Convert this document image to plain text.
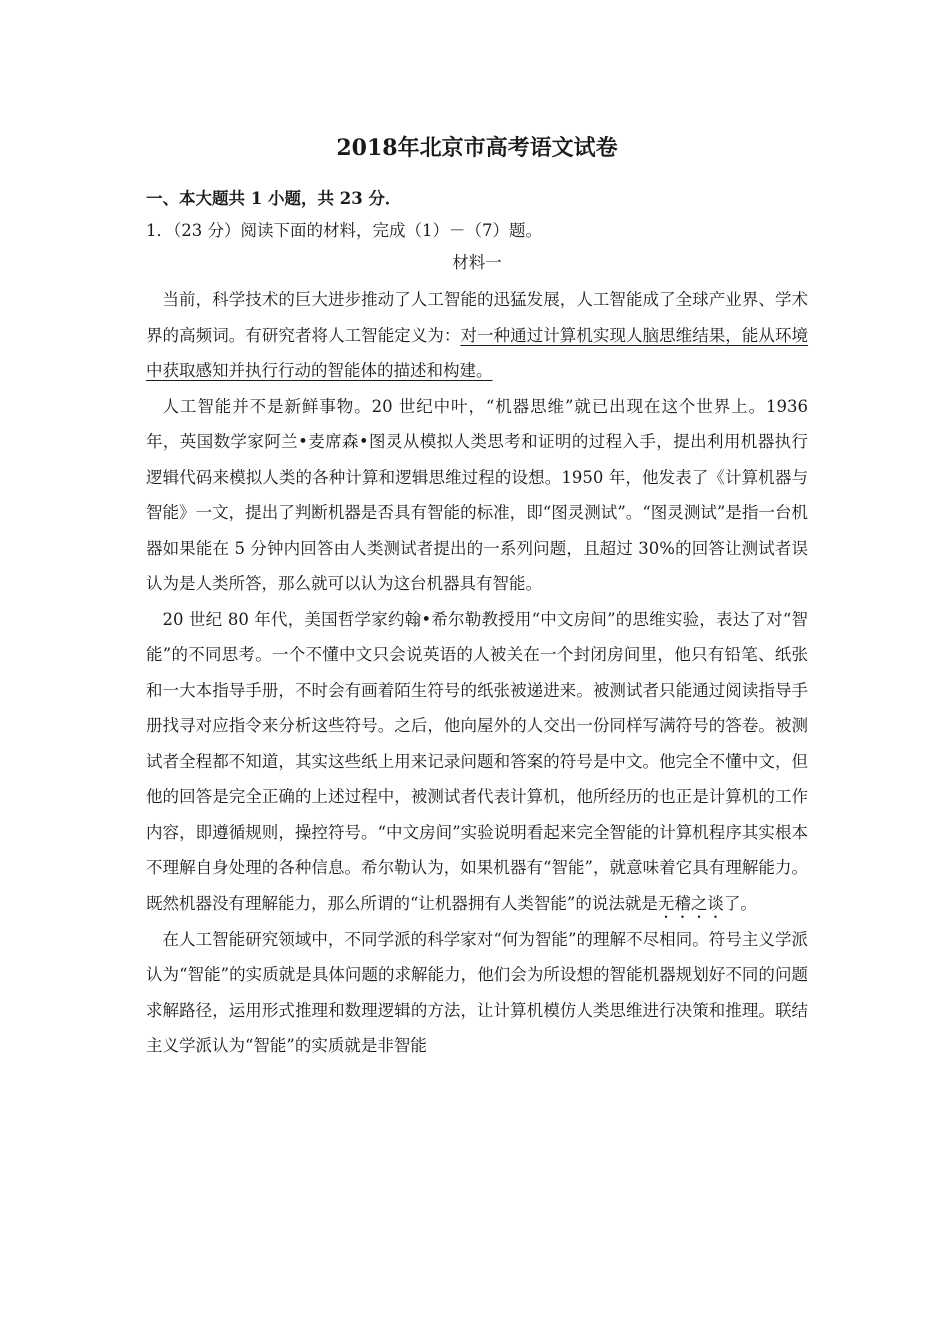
2018年北京市高考语文试卷
一、本大题共 1 小题，共 23 分．
1．（23 分）阅读下面的材料，完成（1）－（7）题。
材料一

当前，科学技术的巨大进步推动了人工智能的迅猛发展，人工智能成了全球产业界、学术界的高频词。有研究者将人工智能定义为：对一种通过计算机实现人脑思维结果，能从环境中获取感知并执行行动的智能体的描述和构建。

人工智能并不是新鲜事物。20 世纪中叶，“机器思维”就已出现在这个世界上。1936 年，英国数学家阿兰•麦席森•图灵从模拟人类思考和证明的过程入手，提出利用机器执行逻辑代码来模拟人类的各种计算和逻辑思维过程的设想。1950 年，他发表了《计算机器与智能》一文，提出了判断机器是否具有智能的标准，即“图灵测试”。“图灵测试”是指一台机器如果能在 5 分钟内回答由人类测试者提出的一系列问题，且超过 30%的回答让测试者误认为是人类所答，那么就可以认为这台机器具有智能。

20 世纪 80 年代，美国哲学家约翰•希尔勒教授用“中文房间”的思维实验，表达了对“智能”的不同思考。一个不懂中文只会说英语的人被关在一个封闭房间里，他只有铅笔、纸张和一大本指导手册，不时会有画着陌生符号的纸张被递进来。被测试者只能通过阅读指导手册找寻对应指令来分析这些符号。之后，他向屋外的人交出一份同样写满符号的答卷。被测试者全程都不知道，其实这些纸上用来记录问题和答案的符号是中文。他完全不懂中文，但他的回答是完全正确的上述过程中，被测试者代表计算机，他所经历的也正是计算机的工作内容，即遵循规则，操控符号。“中文房间”实验说明看起来完全智能的计算机程序其实根本不理解自身处理的各种信息。希尔勒认为，如果机器有“智能”，就意味着它具有理解能力。既然机器没有理解能力，那么所谓的“让机器拥有人类智能”的说法就是无稽之谈了。

在人工智能研究领域中，不同学派的科学家对“何为智能”的理解不尽相同。符号主义学派认为“智能”的实质就是具体问题的求解能力，他们会为所设想的智能机器规划好不同的问题求解路径，运用形式推理和数理逻辑的方法，让计算机模仿人类思维进行决策和推理。联结主义学派认为“智能”的实质就是非智能
